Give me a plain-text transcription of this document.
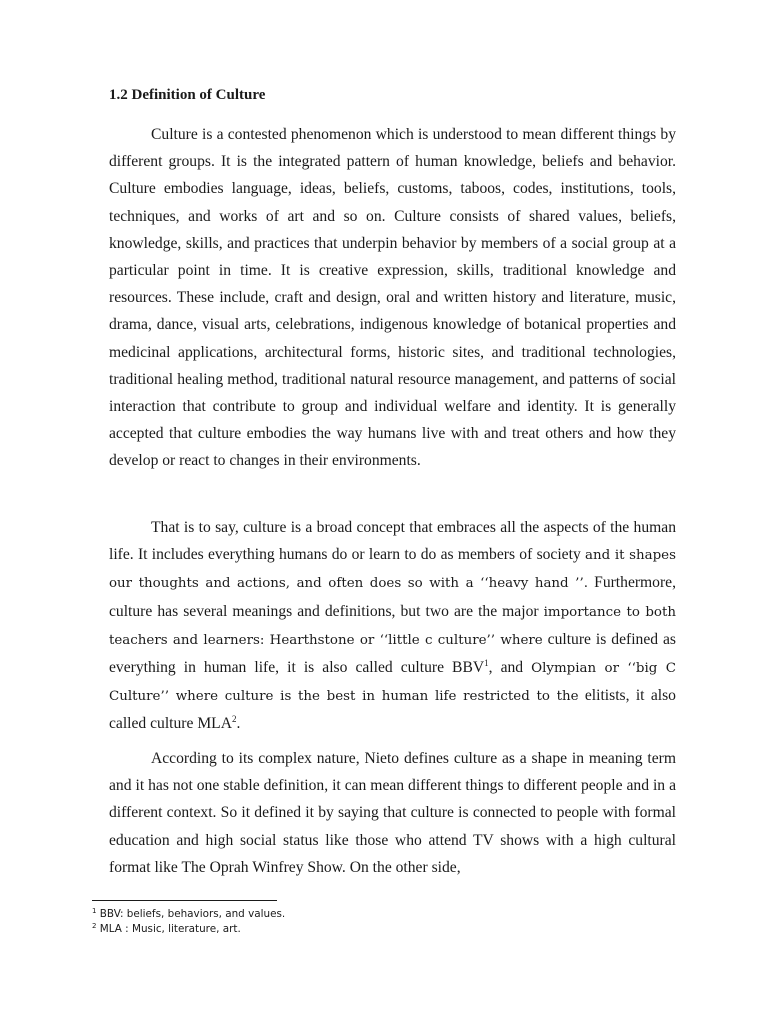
1.2 Definition of Culture

Culture is a contested phenomenon which is understood to mean different things by different groups. It is the integrated pattern of human knowledge, beliefs and behavior. Culture embodies language, ideas, beliefs, customs, taboos, codes, institutions, tools, techniques, and works of art and so on. Culture consists of shared values, beliefs, knowledge, skills, and practices that underpin behavior by members of a social group at a particular point in time. It is creative expression, skills, traditional knowledge and resources. These include, craft and design, oral and written history and literature, music, drama, dance, visual arts, celebrations, indigenous knowledge of botanical properties and medicinal applications, architectural forms, historic sites, and traditional technologies, traditional healing method, traditional natural resource management, and patterns of social interaction that contribute to group and individual welfare and identity. It is generally accepted that culture embodies the way humans live with and treat others and how they develop or react to changes in their environments.

That is to say, culture is a broad concept that embraces all the aspects of the human life. It includes everything humans do or learn to do as members of society and it shapes our thoughts and actions, and often does so with a ‘‘heavy hand ’’. Furthermore, culture has several meanings and definitions, but two are the major importance to both teachers and learners: Hearthstone or ‘‘little c culture’’ where culture is defined as everything in human life, it is also called culture BBV$^1$, and Olympian or ‘‘big C Culture’’ where culture is the best in human life restricted to the elitists, it also called culture MLA$^2$.

According to its complex nature, Nieto defines culture as a shape in meaning term and it has not one stable definition, it can mean different things to different people and in a different context. So it defined it by saying that culture is connected to people with formal education and high social status like those who attend TV shows with a high cultural format like The Oprah Winfrey Show. On the other side,

$^1$ BBV: beliefs, behaviors, and values.

$^2$ MLA : Music, literature, art.
